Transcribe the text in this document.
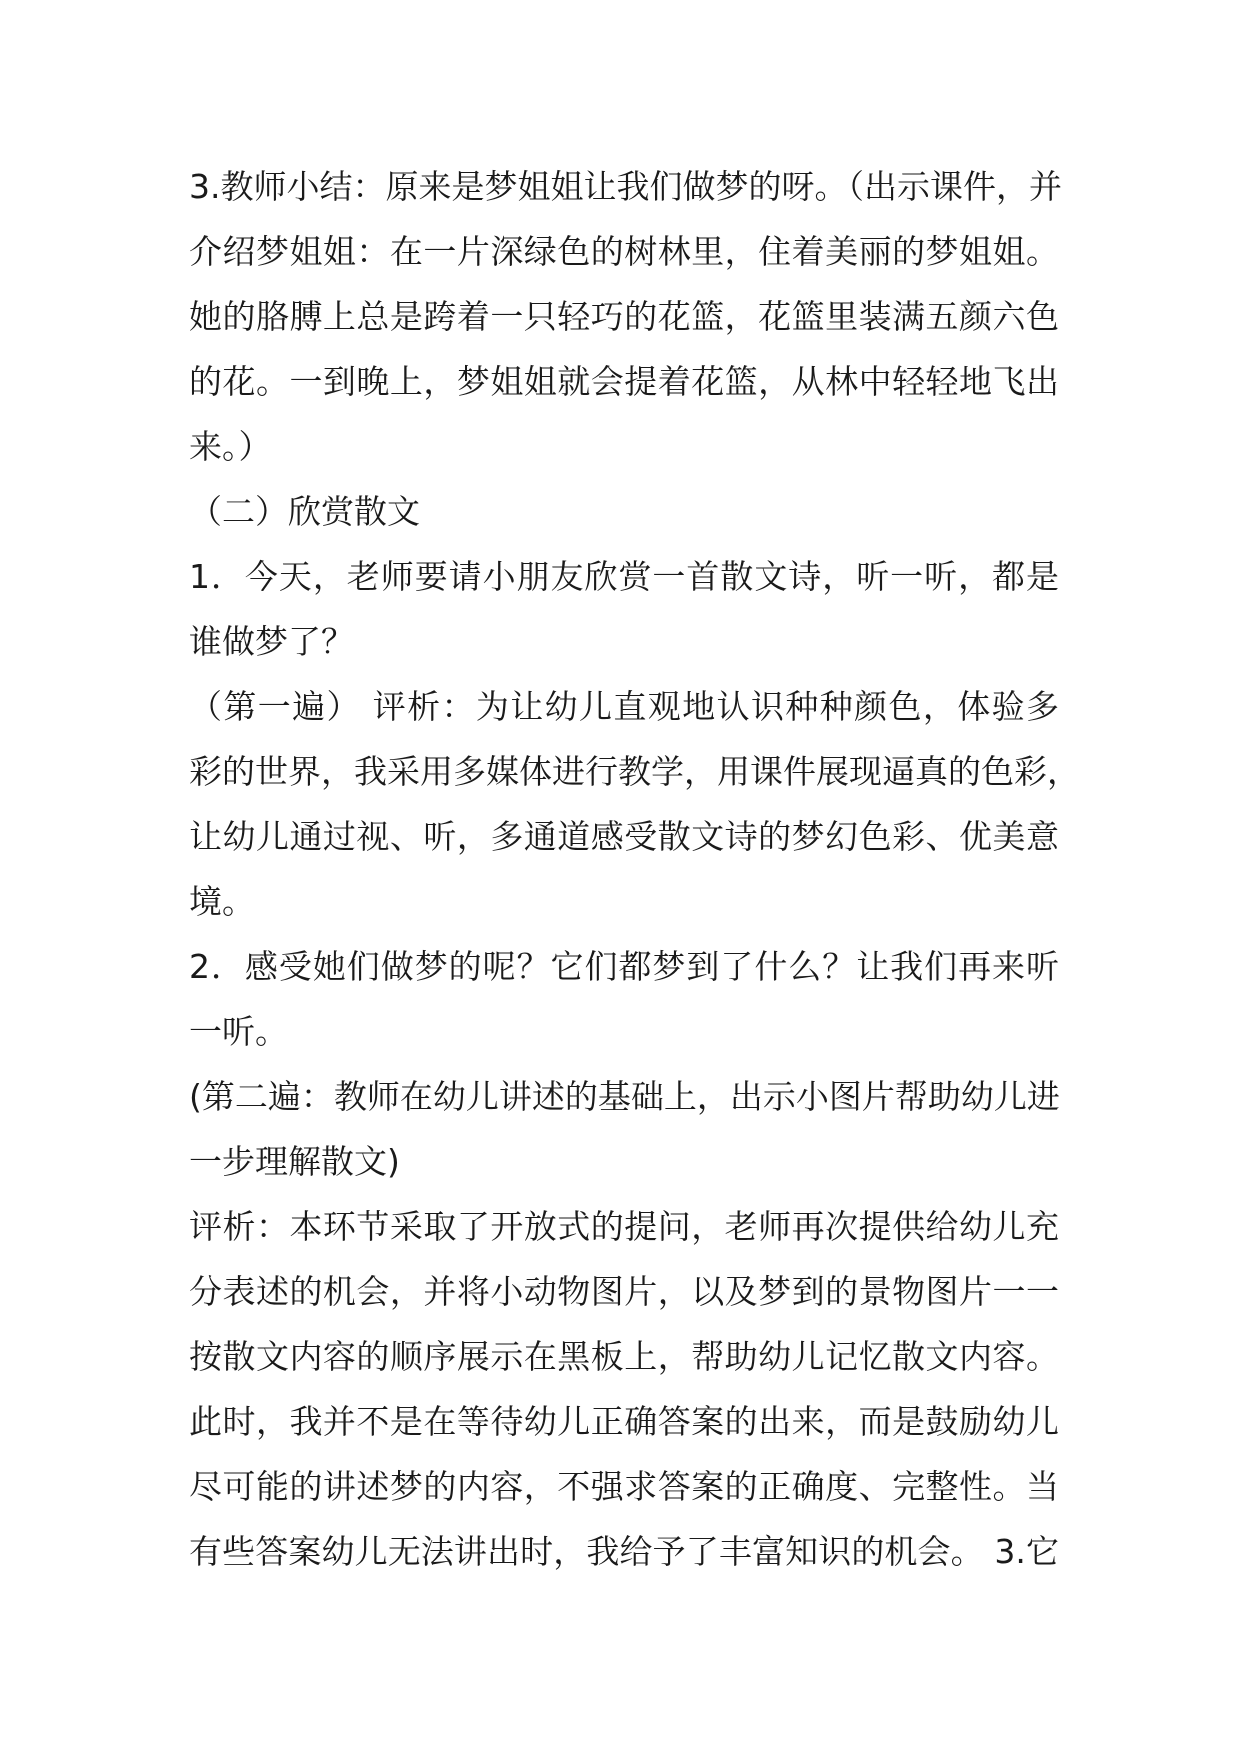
3.教师小结：原来是梦姐姐让我们做梦的呀。（出示课件，并
介绍梦姐姐：在一片深绿色的树林里，住着美丽的梦姐姐。
她的胳膊上总是跨着一只轻巧的花篮，花篮里装满五颜六色
的花。一到晚上，梦姐姐就会提着花篮，从林中轻轻地飞出
来。）
（二）欣赏散文
1．今天，老师要请小朋友欣赏一首散文诗，听一听，都是
谁做梦了？
（第一遍） 评析：为让幼儿直观地认识种种颜色，体验多
彩的世界，我采用多媒体进行教学，用课件展现逼真的色彩，
让幼儿通过视、听，多通道感受散文诗的梦幻色彩、优美意
境。
2．感受她们做梦的呢？它们都梦到了什么？让我们再来听
一听。
(第二遍：教师在幼儿讲述的基础上，出示小图片帮助幼儿进
一步理解散文)
评析：本环节采取了开放式的提问，老师再次提供给幼儿充
分表述的机会，并将小动物图片，以及梦到的景物图片一一
按散文内容的顺序展示在黑板上，帮助幼儿记忆散文内容。
此时，我并不是在等待幼儿正确答案的出来，而是鼓励幼儿
尽可能的讲述梦的内容，不强求答案的正确度、完整性。当
有些答案幼儿无法讲出时，我给予了丰富知识的机会。 3.它
